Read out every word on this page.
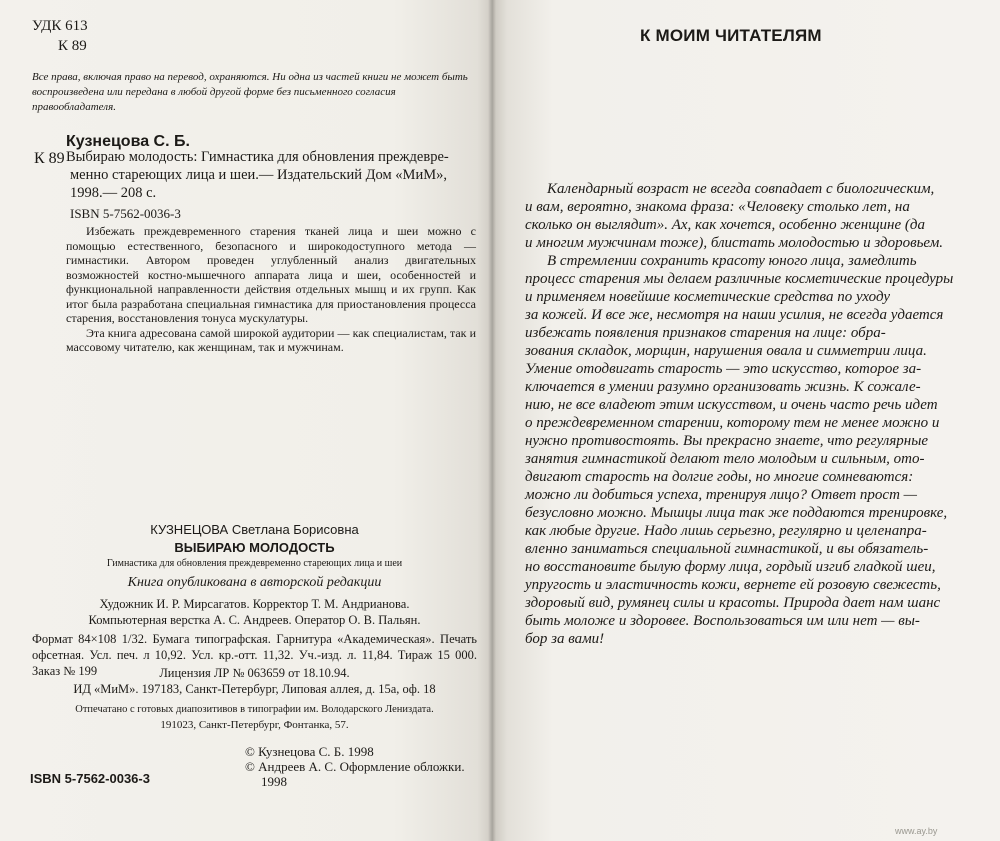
УДК 613
К 89
Все права, включая право на перевод, охраняются. Ни одна из частей книги не может быть воспроизведена или передана в любой другой форме без письменного согласия правообладателя.
Кузнецова С. Б.
К 89 Выбираю молодость: Гимнастика для обновления преждевре-
менно стареющих лица и шеи.— Издательский Дом «МиМ»,
1998.— 208 с.
ISBN 5-7562-0036-3

Избежать преждевременного старения тканей лица и шеи можно с помощью естественного, безопасного и широкодоступного метода — гимнастики. Автором проведен углубленный анализ двигательных возможностей костно-мышечного аппарата лица и шеи, особенностей и функциональной направленности действия отдельных мышц и их групп. Как итог была разработана специальная гимнастика для приостановления процесса старения, восстановления тонуса мускулатуры.

Эта книга адресована самой широкой аудитории — как специалистам, так и массовому читателю, как женщинам, так и мужчинам.

КУЗНЕЦОВА Светлана Борисовна
ВЫБИРАЮ МОЛОДОСТЬ
Гимнастика для обновления преждевременно стареющих лица и шеи
Книга опубликована в авторской редакции
Художник И. Р. Мирсагатов. Корректор Т. М. Андрианова.
Компьютерная верстка А. С. Андреев. Оператор О. В. Пальян.
Формат 84×108 1/32. Бумага типографская. Гарнитура «Академическая». Печать офсетная. Усл. печ. л 10,92. Усл. кр.-отт. 11,32. Уч.-изд. л. 11,84. Тираж 15 000. Заказ № 199	Лицензия ЛР № 063659 от 18.10.94.
ИД «МиМ». 197183, Санкт-Петербург, Липовая аллея, д. 15а, оф. 18
Отпечатано с готовых диапозитивов в типографии им. Володарского Лениздата.
191023, Санкт-Петербург, Фонтанка, 57.
© Кузнецова С. Б. 1998
© Андреев А. С. Оформление обложки.
1998
ISBN 5-7562-0036-3
К МОИМ ЧИТАТЕЛЯМ
Календарный возраст не всегда совпадает с биологическим,
и вам, вероятно, знакома фраза: «Человеку столько лет, на
сколько он выглядит». Ах, как хочется, особенно женщине (да
и многим мужчинам тоже), блистать молодостью и здоровьем.
В стремлении сохранить красоту юного лица, замедлить
процесс старения мы делаем различные косметические процедуры
и применяем новейшие косметические средства по уходу
за кожей. И все же, несмотря на наши усилия, не всегда удается
избежать появления признаков старения на лице: обра-
зования складок, морщин, нарушения овала и симметрии лица.
Умение отодвигать старость — это искусство, которое за-
ключается в умении разумно организовать жизнь. К сожале-
нию, не все владеют этим искусством, и очень часто речь идет
о преждевременном старении, которому тем не менее можно и
нужно противостоять. Вы прекрасно знаете, что регулярные
занятия гимнастикой делают тело молодым и сильным, ото-
двигают старость на долгие годы, но многие сомневаются:
можно ли добиться успеха, тренируя лицо? Ответ прост —
безусловно можно. Мышцы лица так же поддаются тренировке,
как любые другие. Надо лишь серьезно, регулярно и целенапра-
вленно заниматься специальной гимнастикой, и вы обязатель-
но восстановите былую форму лица, гордый изгиб гладкой шеи,
упругость и эластичность кожи, вернете ей розовую свежесть,
здоровый вид, румянец силы и красоты. Природа дает нам шанс
быть моложе и здоровее. Воспользоваться им или нет — вы-
бор за вами!
www.ay.by
